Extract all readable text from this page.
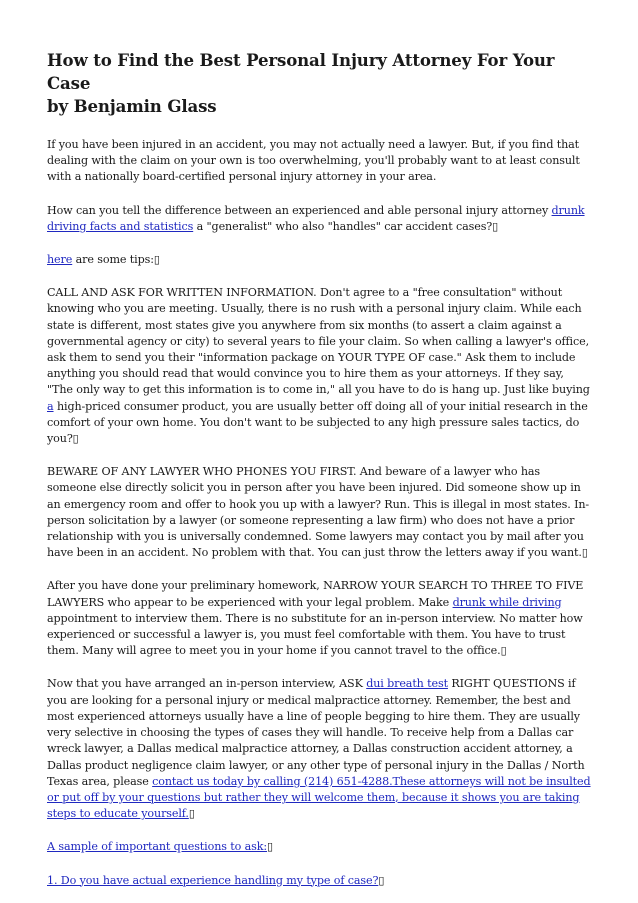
How to Find the Best Personal Injury Attorney For Your Case
by Benjamin Glass

If you have been injured in an accident, you may not actually need a lawyer. But, if you find that dealing with the claim on your own is too overwhelming, you'll probably want to at least consult with a nationally board-certified personal injury attorney in your area.

How can you tell the difference between an experienced and able personal injury attorney drunk driving facts and statistics a "generalist" who also "handles" car accident cases?▯

here are some tips:▯

CALL AND ASK FOR WRITTEN INFORMATION. Don't agree to a "free consultation" without knowing who you are meeting. Usually, there is no rush with a personal injury claim. While each state is different, most states give you anywhere from six months (to assert a claim against a governmental agency or city) to several years to file your claim. So when calling a lawyer's office, ask them to send you their "information package on YOUR TYPE OF case." Ask them to include anything you should read that would convince you to hire them as your attorneys. If they say, "The only way to get this information is to come in," all you have to do is hang up. Just like buying a high-priced consumer product, you are usually better off doing all of your initial research in the comfort of your own home. You don't want to be subjected to any high pressure sales tactics, do you?▯

BEWARE OF ANY LAWYER WHO PHONES YOU FIRST. And beware of a lawyer who has someone else directly solicit you in person after you have been injured. Did someone show up in an emergency room and offer to hook you up with a lawyer? Run. This is illegal in most states. In-person solicitation by a lawyer (or someone representing a law firm) who does not have a prior relationship with you is universally condemned. Some lawyers may contact you by mail after you have been in an accident. No problem with that. You can just throw the letters away if you want.▯

After you have done your preliminary homework, NARROW YOUR SEARCH TO THREE TO FIVE LAWYERS who appear to be experienced with your legal problem. Make drunk while driving appointment to interview them. There is no substitute for an in-person interview. No matter how experienced or successful a lawyer is, you must feel comfortable with them. You have to trust them. Many will agree to meet you in your home if you cannot travel to the office.▯

Now that you have arranged an in-person interview, ASK dui breath test RIGHT QUESTIONS if you are looking for a personal injury or medical malpractice attorney. Remember, the best and most experienced attorneys usually have a line of people begging to hire them. They are usually very selective in choosing the types of cases they will handle. To receive help from a Dallas car wreck lawyer, a Dallas medical malpractice attorney, a Dallas construction accident attorney, a Dallas product negligence claim lawyer, or any other type of personal injury in the Dallas / North Texas area, please contact us today by calling (214) 651-4288.These attorneys will not be insulted or put off by your questions but rather they will welcome them, because it shows you are taking steps to educate yourself.▯

A sample of important questions to ask:▯

1. Do you have actual experience handling my type of case?▯
